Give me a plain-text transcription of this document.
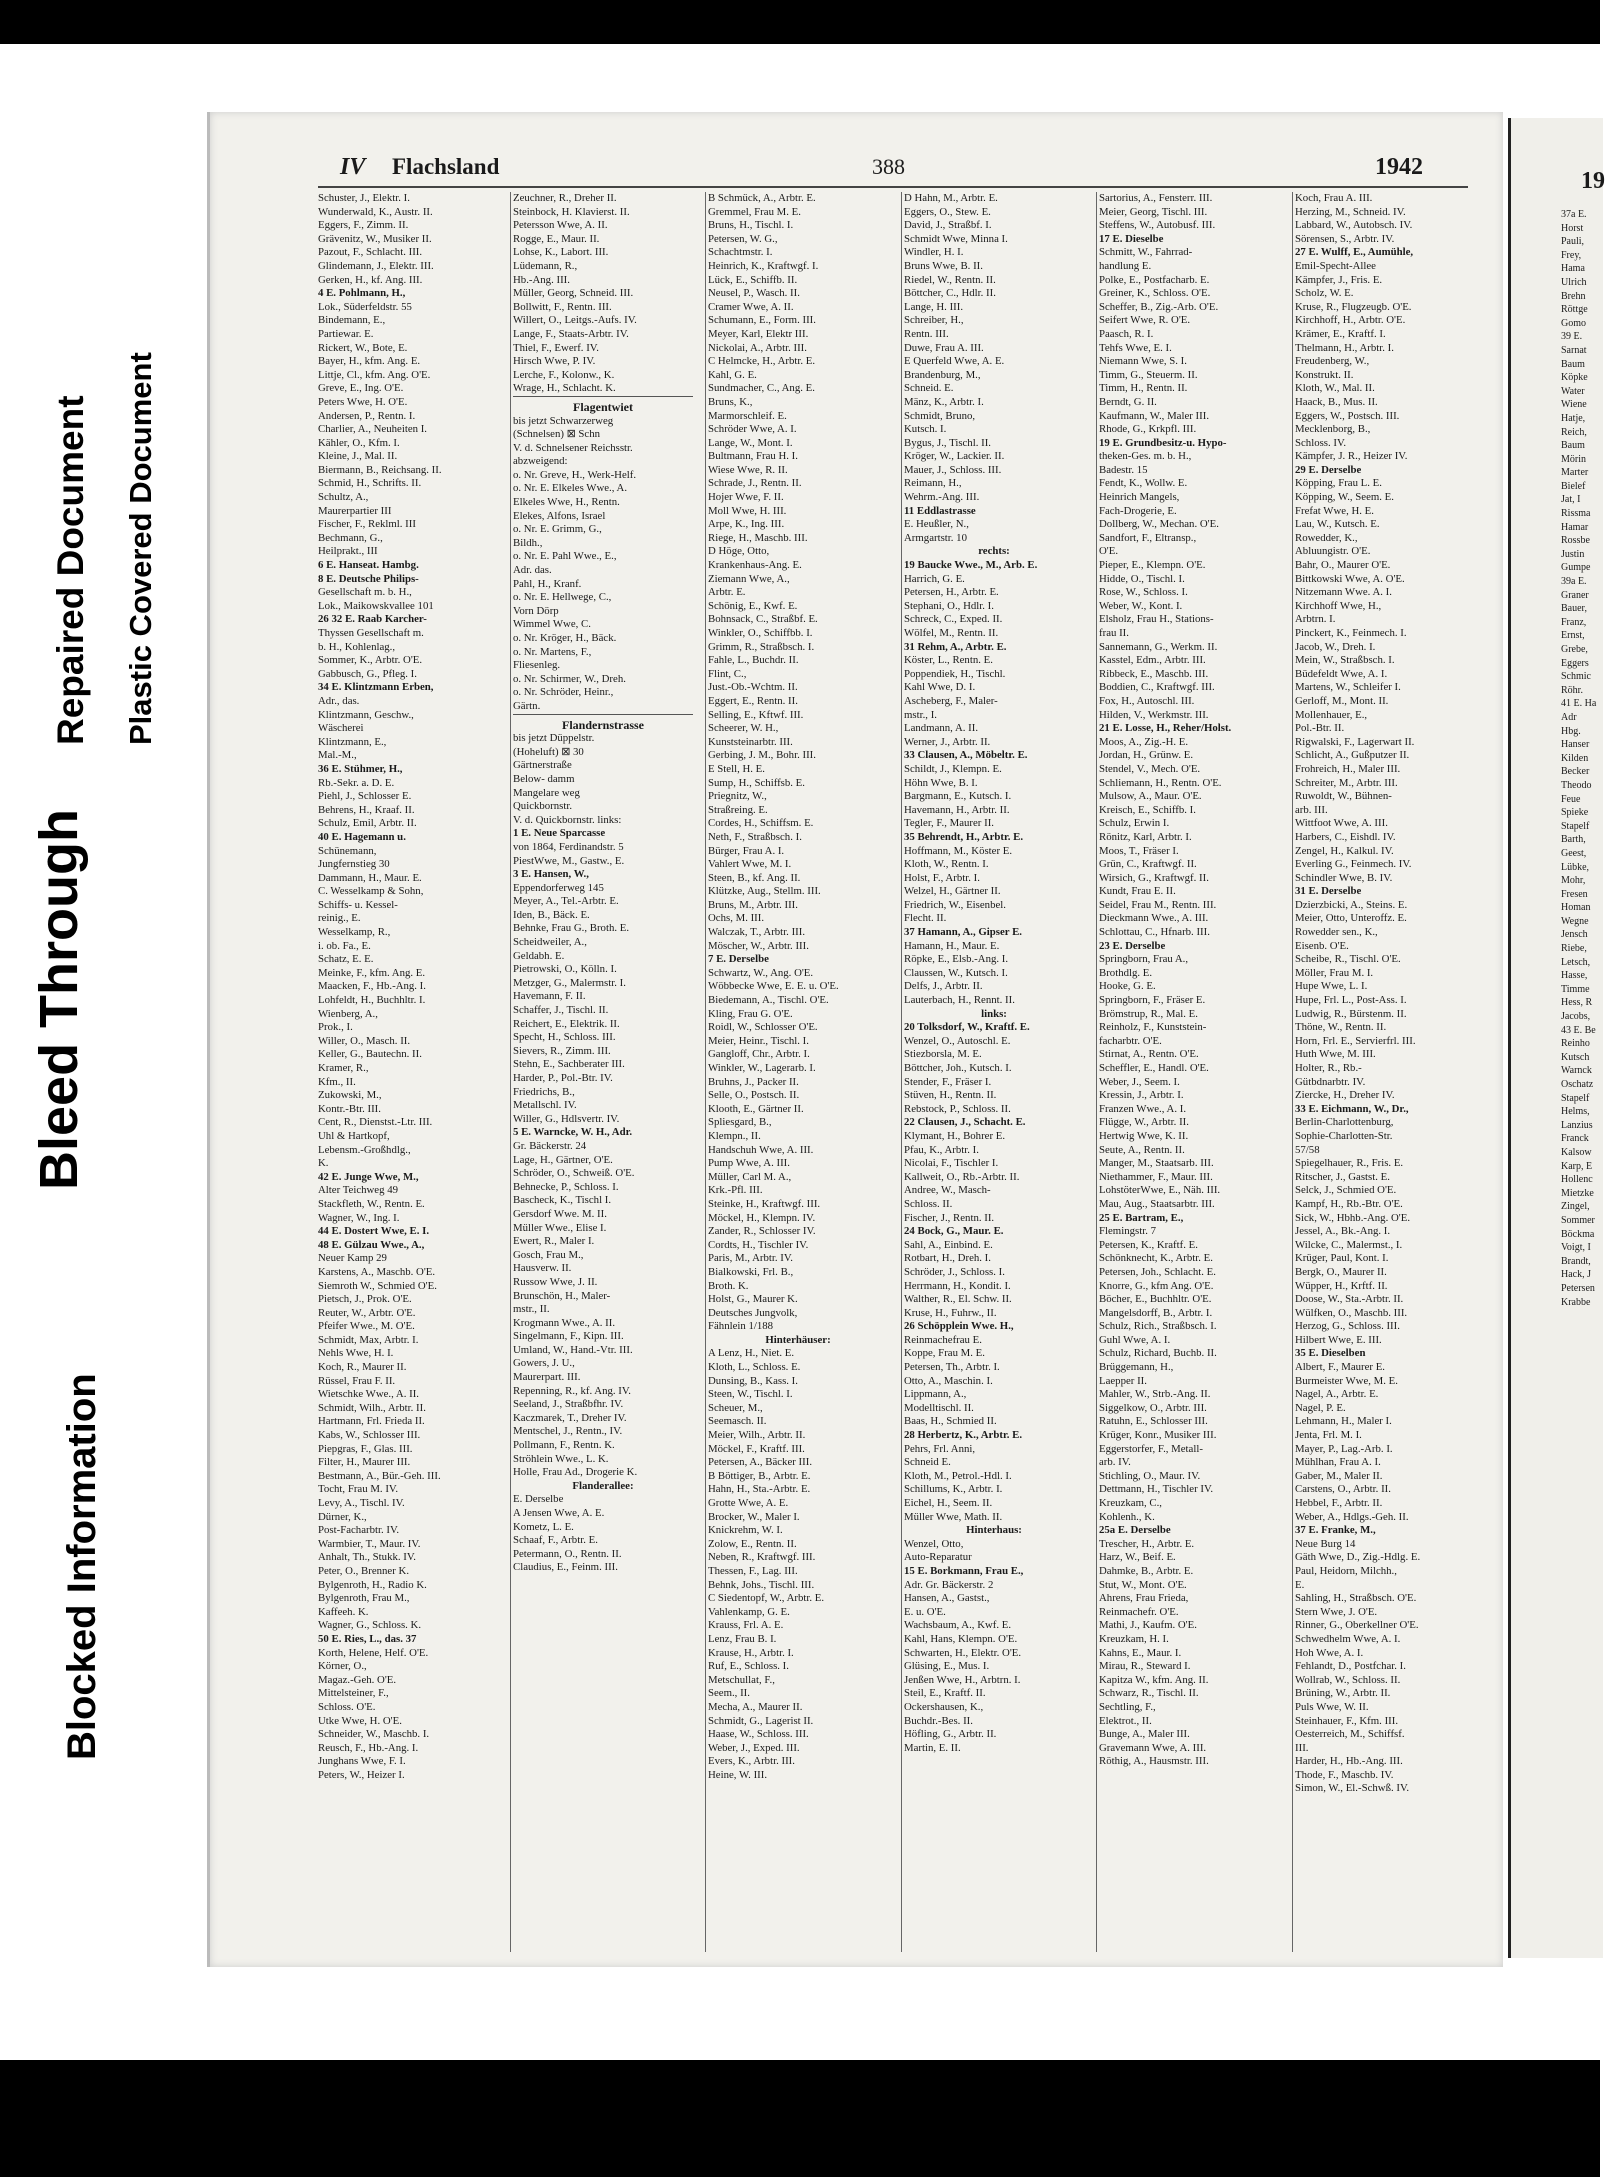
Bleed Through
Repaired Document Plastic Covered Document
Blocked Information
IV Flachsland	388	1942
Schuster, J., Elektr. I.
Wunderwald, K., Austr. II.
Eggers, F., Zimm. II.
Grävenitz, W., Musiker II.
Pazout, F., Schlacht. III.
Glindemann, J., Elektr. III.
Gerken, H., kf. Ang. III.
4 E. Pohlmann, H.,
Lok., Süderfeldstr. 55
Bindemann, E.,
Partiewar. E.
Rickert, W., Bote, E.
Bayer, H., kfm. Ang. E.
Littje, Cl., kfm. Ang. O'E.
Greve, E., Ing. O'E.
Peters Wwe, H. O'E.
Andersen, P., Rentn. I.
Charlier, A., Neuheiten I.
Kähler, O., Kfm. I.
Kleine, J., Mal. II.
Biermann, B., Reichsang. II.
Schmid, H., Schrifts. II.
Schultz, A.,
Maurerpartier III
Fischer, F., Reklml. III
Bechmann, G.,
Heilprakt., III
6 E. Hanseat. Hambg.
8 E. Deutsche Philips-
Gesellschaft m. b. H.,
Lok., Maikowskvallee 101
26 32 E. Raab Karcher-
Thyssen Gesellschaft m.
b. H., Kohlenlag.,
Sommer, K., Arbtr. O'E.
Gabbusch, G., Pfleg. I.
34 E. Klintzmann Erben,
Adr., das.
Klintzmann, Geschw.,
Wäscherei
Klintzmann, E.,
Mal.-M.,
36 E. Stühmer, H.,
Rb.-Sekr. a. D. E.
Piehl, J., Schlosser E.
Behrens, H., Kraaf. II.
Schulz, Emil, Arbtr. II.
40 E. Hagemann u.
Schünemann,
Jungfernstieg 30
Dammann, H., Maur. E.
C. Wesselkamp & Sohn,
Schiffs- u. Kessel-
reinig., E.
Wesselkamp, R.,
i. ob. Fa., E.
Schatz, E. E.
Meinke, F., kfm. Ang. E.
Maacken, F., Hb.-Ang. I.
Lohfeldt, H., Buchhltr. I.
Wienberg, A.,
Prok., I.
Willer, O., Masch. II.
Keller, G., Bautechn. II.
Kramer, R.,
Kfm., II.
Zukowski, M.,
Kontr.-Btr. III.
Cent, R., Dienstst.-Ltr. III.
Uhl & Hartkopf,
Lebensm.-Großhdlg.,
K.
42 E. Junge Wwe, M.,
Alter Teichweg 49
Stackfleth, W., Rentn. E.
Wagner, W., Ing. I.
44 E. Dostert Wwe, E. I.
48 E. Gülzau Wwe., A.,
Neuer Kamp 29
Karstens, A., Maschb. O'E.
Siemroth W., Schmied O'E.
Pietsch, J., Prok. O'E.
Reuter, W., Arbtr. O'E.
Pfeifer Wwe., M. O'E.
Schmidt, Max, Arbtr. I.
Nehls Wwe, H. I.
Koch, R., Maurer II.
Rüssel, Frau F. II.
Wietschke Wwe., A. II.
Schmidt, Wilh., Arbtr. II.
Hartmann, Frl. Frieda II.
Kabs, W., Schlosser III.
Piepgras, F., Glas. III.
Filter, H., Maurer III.
Bestmann, A., Bür.-Geh. III.
Tocht, Frau M. IV.
Levy, A., Tischl. IV.
Dürner, K.,
Post-Facharbtr. IV.
Warmbier, T., Maur. IV.
Anhalt, Th., Stukk. IV.
Peter, O., Brenner K.
Bylgenroth, H., Radio K.
Bylgenroth, Frau M.,
Kaffeeh. K.
Wagner, G., Schloss. K.
50 E. Ries, L., das. 37
Korth, Helene, Helf. O'E.
Körner, O.,
Magaz.-Geh. O'E.
Mittelsteiner, F.,
Schloss. O'E.
Utke Wwe, H. O'E.
Schneider, W., Maschb. I.
Reusch, F., Hb.-Ang. I.
Junghans Wwe, F. I.
Peters, W., Heizer I.
Zeuchner, R., Dreher II.
Steinbock, H. Klavierst. II.
Petersson Wwe, A. II.
Rogge, E., Maur. II.
Lohse, K., Labort. III.
Lüdemann, R.,
Hb.-Ang. III.
Müller, Georg, Schneid. III.
Bollwitt, F., Rentn. III.
Willert, O., Leitgs.-Aufs. IV.
Lange, F., Staats-Arbtr. IV.
Thiel, F., Ewerf. IV.
Hirsch Wwe, P. IV.
Lerche, F., Kolonw., K.
Wrage, H., Schlacht. K.
Flagentwiet
bis jetzt Schwarzerweg
(Schnelsen) ⊠ Schn
V. d. Schnelsener Reichsstr.
abzweigend:
o. Nr. Greve, H., Werk-Helf.
o. Nr. E. Elkeles Wwe., A.
Elkeles Wwe, H., Rentn.
Elekes, Alfons, Israel
o. Nr. E. Grimm, G.,
Bildh.,
o. Nr. E. Pahl Wwe., E.,
Adr. das.
Pahl, H., Kranf.
o. Nr. E. Hellwege, C.,
Vorn Dörp
Wimmel Wwe, C.
o. Nr. Kröger, H., Bäck.
o. Nr. Martens, F.,
Fliesenleg.
o. Nr. Schirmer, W., Dreh.
o. Nr. Schröder, Heinr.,
Gärtn.
Flandernstrasse
bis jetzt Düppelstr.
(Hoheluft) ⊠ 30
Gärtnerstraße
Below- damm
Mangelare weg
Quickbornstr.
V. d. Quickbornstr. links:
1 E. Neue Sparcasse
von 1864, Ferdinandstr. 5
PiestWwe, M., Gastw., E.
3 E. Hansen, W.,
Eppendorferweg 145
Meyer, A., Tel.-Arbtr. E.
Iden, B., Bäck. E.
Behnke, Frau G., Broth. E.
Scheidweiler, A.,
Geldabh. E.
Pietrowski, O., Kölln. I.
Metzger, G., Malermstr. I.
Havemann, F. II.
Schaffer, J., Tischl. II.
Reichert, E., Elektrik. II.
Specht, H., Schloss. III.
Sievers, R., Zimm. III.
Stehn, E., Sachberater III.
Harder, P., Pol.-Btr. IV.
Friedrichs, B.,
Metallschl. IV.
Willer, G., Hdlsvertr. IV.
5 E. Warncke, W. H., Adr.
Gr. Bäckerstr. 24
Lage, H., Gärtner, O'E.
Schröder, O., Schweiß. O'E.
Behnecke, P., Schloss. I.
Bascheck, K., Tischl I.
Gersdorf Wwe. M. II.
Müller Wwe., Elise I.
Ewert, R., Maler I.
Gosch, Frau M.,
Hausverw. II.
Russow Wwe, J. II.
Brunschön, H., Maler-
mstr., II.
Krogmann Wwe., A. II.
Singelmann, F., Kipn. III.
Umland, W., Hand.-Vtr. III.
Gowers, J. U.,
Maurerpart. III.
Repenning, R., kf. Ang. IV.
Seeland, J., Straßbfhr. IV.
Kaczmarek, T., Dreher IV.
Mentschel, J., Rentn., IV.
Pollmann, F., Rentn. K.
Ströhlein Wwe., L. K.
Holle, Frau Ad., Drogerie K.
Flanderallee:
E. Derselbe
A Jensen Wwe, A. E.
Kometz, L. E.
Schaaf, F., Arbtr. E.
Petermann, O., Rentn. II.
Claudius, E., Feinm. III.
B Schmück, A., Arbtr. E.
Gremmel, Frau M. E.
Bruns, H., Tischl. I.
Petersen, W. G.,
Schachtmstr. I.
Heinrich, K., Kraftwgf. I.
Lück, E., Schiffb. II.
Neusel, P., Wasch. II.
Cramer Wwe, A. II.
Schumann, E., Form. III.
Meyer, Karl, Elektr III.
Nickolai, A., Arbtr. III.
C Helmcke, H., Arbtr. E.
Kahl, G. E.
Sundmacher, C., Ang. E.
Bruns, K.,
Marmorschleif. E.
Schröder Wwe, A. I.
Lange, W., Mont. I.
Bultmann, Frau H. I.
Wiese Wwe, R. II.
Schrade, J., Rentn. II.
Hojer Wwe, F. II.
Moll Wwe, H. III.
Arpe, K., Ing. III.
Riege, H., Maschb. III.
D Höge, Otto,
Krankenhaus-Ang. E.
Ziemann Wwe, A.,
Arbtr. E.
Schönig, E., Kwf. E.
Bohnsack, C., Straßbf. E.
Winkler, O., Schiffbb. I.
Grimm, R., Straßbsch. I.
Fahle, L., Buchdr. II.
Flint, C.,
Just.-Ob.-Wchtm. II.
Eggert, E., Rentn. II.
Selling, E., Kftwf. III.
Scheerer, W. H.,
Kunststeinarbtr. III.
Gerbing, J. M., Bohr. III.
E Stell, H. E.
Sump, H., Schiffsb. E.
Priegnitz, W.,
Straßreing. E.
Cordes, H., Schiffsm. E.
Neth, F., Straßbsch. I.
Bürger, Frau A. I.
Vahlert Wwe, M. I.
Steen, B., kf. Ang. II.
Klützke, Aug., Stellm. III.
Bruns, M., Arbtr. III.
Ochs, M. III.
Walczak, T., Arbtr. III.
Möscher, W., Arbtr. III.
7 E. Derselbe
Schwartz, W., Ang. O'E.
Wöbbecke Wwe, E. E. u. O'E.
Biedemann, A., Tischl. O'E.
Kling, Frau G. O'E.
Roidl, W., Schlosser O'E.
Meier, Heinr., Tischl. I.
Gangloff, Chr., Arbtr. I.
Winkler, W., Lagerarb. I.
Bruhns, J., Packer II.
Selle, O., Postsch. II.
Klooth, E., Gärtner II.
Spliesgard, B.,
Klempn., II.
Handschuh Wwe, A. III.
Pump Wwe, A. III.
Müller, Carl M. A.,
Krk.-Pfl. III.
Steinke, H., Kraftwgf. III.
Möckel, H., Klempn. IV.
Zander, R., Schlosser IV.
Cordts, H., Tischler IV.
Paris, M., Arbtr. IV.
Bialkowski, Frl. B.,
Broth. K.
Holst, G., Maurer K.
Deutsches Jungvolk,
Fähnlein 1/188
Hinterhäuser:
A Lenz, H., Niet. E.
Kloth, L., Schloss. E.
Dunsing, B., Kass. I.
Steen, W., Tischl. I.
Scheuer, M.,
Seemasch. II.
Meier, Wilh., Arbtr. II.
Möckel, F., Kraftf. III.
Petersen, A., Bäcker III.
B Böttiger, B., Arbtr. E.
Hahn, H., Sta.-Arbtr. E.
Grotte Wwe, A. E.
Brocker, W., Maler I.
Knickrehm, W. I.
Zolow, E., Rentn. II.
Neben, R., Kraftwgf. III.
Thessen, F., Lag. III.
Behnk, Johs., Tischl. III.
C Siedentopf, W., Arbtr. E.
Vahlenkamp, G. E.
Krauss, Frl. A. E.
Lenz, Frau B. I.
Krause, H., Arbtr. I.
Ruf, E., Schloss. I.
Metschullat, F.,
Seem., II.
Mecha, A., Maurer II.
Schmidt, G., Lagerist II.
Haase, W., Schloss. III.
Weber, J., Exped. III.
Evers, K., Arbtr. III.
Heine, W. III.
D Hahn, M., Arbtr. E.
Eggers, O., Stew. E.
David, J., Straßbf. I.
Schmidt Wwe, Minna I.
Windler, H. I.
Bruns Wwe, B. II.
Riedel, W., Rentn. II.
Böttcher, C., Hdlr. II.
Lange, H. III.
Schreiber, H.,
Rentn. III.
Duwe, Frau A. III.
E Querfeld Wwe, A. E.
Brandenburg, M.,
Schneid. E.
Mänz, K., Arbtr. I.
Schmidt, Bruno,
Kutsch. I.
Bygus, J., Tischl. II.
Kröger, W., Lackier. II.
Mauer, J., Schloss. III.
Reimann, H.,
Wehrm.-Ang. III.
11 Eddlastrasse
E. Heußler, N.,
Armgartstr. 10
rechts:
19 Baucke Wwe., M., Arb. E.
Harrich, G. E.
Petersen, H., Arbtr. E.
Stephani, O., Hdlr. I.
Schreck, C., Exped. II.
Wölfel, M., Rentn. II.
31 Rehm, A., Arbtr. E.
Köster, L., Rentn. E.
Poppendiek, H., Tischl.
Kahl Wwe, D. I.
Ascheberg, F., Maler-
mstr., I.
Landmann, A. II.
Werner, J., Arbtr. II.
33 Clausen, A., Möbeltr. E.
Schildt, J., Klempn. E.
Höhn Wwe, B. I.
Bargmann, E., Kutsch. I.
Havemann, H., Arbtr. II.
Tegler, F., Maurer II.
35 Behrendt, H., Arbtr. E.
Hoffmann, M., Köster E.
Kloth, W., Rentn. I.
Holst, F., Arbtr. I.
Welzel, H., Gärtner II.
Friedrich, W., Eisenbel.
Flecht. II.
37 Hamann, A., Gipser E.
Hamann, H., Maur. E.
Röpke, E., Elsb.-Ang. I.
Claussen, W., Kutsch. I.
Delfs, J., Arbtr. II.
Lauterbach, H., Rennt. II.
links:
20 Tolksdorf, W., Kraftf. E.
Wenzel, O., Autoschl. E.
Stiezborsla, M. E.
Böttcher, Joh., Kutsch. I.
Stender, F., Fräser I.
Stüven, H., Rentn. II.
Rebstock, P., Schloss. II.
22 Clausen, J., Schacht. E.
Klymant, H., Bohrer E.
Pfau, K., Arbtr. I.
Nicolai, F., Tischler I.
Kallweit, O., Rb.-Arbtr. II.
Andree, W., Masch-
Schloss. II.
Fischer, J., Rentn. II.
24 Bock, G., Maur. E.
Sahl, A., Einbind. E.
Rotbart, H., Dreh. I.
Schröder, J., Schloss. I.
Herrmann, H., Kondit. I.
Walther, R., El. Schw. II.
Kruse, H., Fuhrw., II.
26 Schöpplein Wwe. H.,
Reinmachefrau E.
Koppe, Frau M. E.
Petersen, Th., Arbtr. I.
Otto, A., Maschin. I.
Lippmann, A.,
Modelltischl. II.
Baas, H., Schmied II.
28 Herbertz, K., Arbtr. E.
Pehrs, Frl. Anni,
Schneid E.
Kloth, M., Petrol.-Hdl. I.
Schillums, K., Arbtr. I.
Eichel, H., Seem. II.
Müller Wwe, Math. II.
Hinterhaus:
Wenzel, Otto,
Auto-Reparatur
15 E. Borkmann, Frau E.,
Adr. Gr. Bäckerstr. 2
Hansen, A., Gastst.,
E. u. O'E.
Wachsbaum, A., Kwf. E.
Kahl, Hans, Klempn. O'E.
Schwarten, H., Elektr. O'E.
Glüsing, E., Mus. I.
Jenßen Wwe, H., Arbtrn. I.
Steil, E., Kraftf. II.
Ockershausen, K.,
Buchdr.-Bes. II.
Höfling, G., Arbtr. II.
Martin, E. II.
Sartorius, A., Fensterr. III.
Meier, Georg, Tischl. III.
Steffens, W., Autobusf. III.
17 E. Dieselbe
Schmitt, W., Fahrrad-
handlung E.
Polke, E., Postfacharb. E.
Greiner, K., Schloss. O'E.
Scheffer, B., Zig.-Arb. O'E.
Seifert Wwe, R. O'E.
Paasch, R. I.
Tehfs Wwe, E. I.
Niemann Wwe, S. I.
Timm, G., Steuerm. II.
Timm, H., Rentn. II.
Berndt, G. II.
Kaufmann, W., Maler III.
Rhode, G., Krkpfl. III.
19 E. Grundbesitz-u. Hypo-
theken-Ges. m. b. H.,
Badestr. 15
Fendt, K., Wollw. E.
Heinrich Mangels,
Fach-Drogerie, E.
Dollberg, W., Mechan. O'E.
Sandfort, F., Eltransp.,
O'E.
Pieper, E., Klempn. O'E.
Hidde, O., Tischl. I.
Rose, W., Schloss. I.
Weber, W., Kont. I.
Elsholz, Frau H., Stations-
frau II.
Sannemann, G., Werkm. II.
Kasstel, Edm., Arbtr. III.
Ribbeck, E., Maschb. III.
Boddien, C., Kraftwgf. III.
Fox, H., Autoschl. III.
Hilden, V., Werkmstr. III.
21 E. Losse, H., Reher/Holst.
Moos, A., Zig.-H. E.
Jordan, H., Grünw. E.
Stendel, V., Mech. O'E.
Schliemann, H., Rentn. O'E.
Mulsow, A., Maur. O'E.
Kreisch, E., Schiffb. I.
Schulz, Erwin I.
Rönitz, Karl, Arbtr. I.
Moos, T., Fräser I.
Grün, C., Kraftwgf. II.
Wirsich, G., Kraftwgf. II.
Kundt, Frau E. II.
Seidel, Frau M., Rentn. III.
Dieckmann Wwe., A. III.
Schlottau, C., Hfnarb. III.
23 E. Derselbe
Springborn, Frau A.,
Brothdlg. E.
Hooke, G. E.
Springborn, F., Fräser E.
Brömstrup, R., Mal. E.
Reinholz, F., Kunststein-
facharbtr. O'E.
Stirnat, A., Rentn. O'E.
Scheffler, E., Handl. O'E.
Weber, J., Seem. I.
Kressin, J., Arbtr. I.
Franzen Wwe., A. I.
Flügge, W., Arbtr. II.
Hertwig Wwe, K. II.
Seute, A., Rentn. II.
Manger, M., Staatsarb. III.
Niethammer, F., Maur. III.
LohstöterWwe, E., Näh. III.
Mau, Aug., Staatsarbtr. III.
25 E. Bartram, E.,
Flemingstr. 7
Petersen, K., Kraftf. E.
Schönknecht, K., Arbtr. E.
Petersen, Joh., Schlacht. E.
Knorre, G., kfm Ang. O'E.
Böcher, E., Buchhltr. O'E.
Mangelsdorff, B., Arbtr. I.
Schulz, Rich., Straßbsch. I.
Guhl Wwe, A. I.
Schulz, Richard, Buchb. II.
Brüggemann, H.,
Laepper II.
Mahler, W., Strb.-Ang. II.
Siggelkow, O., Arbtr. III.
Ratuhn, E., Schlosser III.
Krüger, Konr., Musiker III.
Eggerstorfer, F., Metall-
arb. IV.
Stichling, O., Maur. IV.
Dettmann, H., Tischler IV.
Kreuzkam, C.,
Kohlenh., K.
25a E. Derselbe
Trescher, H., Arbtr. E.
Harz, W., Beif. E.
Dahmke, B., Arbtr. E.
Stut, W., Mont. O'E.
Ahrens, Frau Frieda,
Reinmachefr. O'E.
Mathi, J., Kaufm. O'E.
Kreuzkam, H. I.
Kahns, E., Maur. I.
Mirau, R., Steward I.
Kapitza W., kfm. Ang. II.
Schwarz, R., Tischl. II.
Sechtling, F.,
Elektrot., II.
Bunge, A., Maler III.
Gravemann Wwe, A. III.
Röthig, A., Hausmstr. III.
Koch, Frau A. III.
Herzing, M., Schneid. IV.
Labbard, W., Autobsch. IV.
Sörensen, S., Arbtr. IV.
27 E. Wulff, E., Aumühle,
Emil-Specht-Allee
Kämpfer, J., Fris. E.
Scholz, W. E.
Kruse, R., Flugzeugb. O'E.
Kirchhoff, H., Arbtr. O'E.
Krämer, E., Kraftf. I.
Thelmann, H., Arbtr. I.
Freudenberg, W.,
Konstrukt. II.
Kloth, W., Mal. II.
Haack, B., Mus. II.
Eggers, W., Postsch. III.
Mecklenborg, B.,
Schloss. IV.
Kämpfer, J. R., Heizer IV.
29 E. Derselbe
Köpping, Frau L. E.
Köpping, W., Seem. E.
Frefat Wwe, H. E.
Lau, W., Kutsch. E.
Rowedder, K.,
Abluungistr. O'E.
Bahr, O., Maurer O'E.
Bittkowski Wwe, A. O'E.
Nitzemann Wwe. A. I.
Kirchhoff Wwe, H.,
Arbtrn. I.
Pinckert, K., Feinmech. I.
Jacob, W., Dreh. I.
Mein, W., Straßbsch. I.
Büdefeldt Wwe, A. I.
Martens, W., Schleifer I.
Gerloff, M., Mont. II.
Mollenhauer, E.,
Pol.-Btr. II.
Rigwalski, F., Lagerwart II.
Schlicht, A., Gußputzer II.
Frohreich, H., Maler III.
Schreiter, M., Arbtr. III.
Ruwoldt, W., Bühnen-
arb. III.
Wittfoot Wwe, A. III.
Harbers, C., Eishdl. IV.
Zengel, H., Kalkul. IV.
Everling G., Feinmech. IV.
Schindler Wwe, B. IV.
31 E. Derselbe
Dzierzbicki, A., Steins. E.
Meier, Otto, Unteroffz. E.
Rowedder sen., K.,
Eisenb. O'E.
Scheibe, R., Tischl. O'E.
Möller, Frau M. I.
Hupe Wwe, L. I.
Hupe, Frl. L., Post-Ass. I.
Ludwig, R., Bürstenm. II.
Thöne, W., Rentn. II.
Horn, Frl. E., Servierfrl. III.
Huth Wwe, M. III.
Holter, R., Rb.-
Gütbdnarbtr. IV.
Ziercke, H., Dreher IV.
33 E. Eichmann, W., Dr.,
Berlin-Charlottenburg,
Sophie-Charlotten-Str.
57/58
Spiegelhauer, R., Fris. E.
Ritscher, J., Gastst. E.
Selck, J., Schmied O'E.
Kampf, H., Rb.-Btr. O'E.
Sick, W., Hbhb.-Ang. O'E.
Jessel, A., Bk.-Ang. I.
Wilcke, C., Malermst., I.
Krüger, Paul, Kont. I.
Bergk, O., Maurer II.
Wüpper, H., Krftf. II.
Doose, W., Sta.-Arbtr. II.
Wülfken, O., Maschb. III.
Herzog, G., Schloss. III.
Hilbert Wwe, E. III.
35 E. Dieselben
Albert, F., Maurer E.
Burmeister Wwe, M. E.
Nagel, A., Arbtr. E.
Nagel, P. E.
Lehmann, H., Maler I.
Jenta, Frl. M. I.
Mayer, P., Lag.-Arb. I.
Mühlhan, Frau A. I.
Gaber, M., Maler II.
Carstens, O., Arbtr. II.
Hebbel, F., Arbtr. II.
Weber, A., Hdlgs.-Geh. II.
37 E. Franke, M.,
Neue Burg 14
Gäth Wwe, D., Zig.-Hdlg. E.
Paul, Heidorn, Milchh.,
E.
Sahling, H., Straßbsch. O'E.
Stern Wwe, J. O'E.
Rinner, G., Oberkellner O'E.
Schwedhelm Wwe, A. I.
Hoh Wwe, A. I.
Fehlandt, D., Postfchar. I.
Wollrab, W., Schloss. II.
Brüning, W., Arbtr. II.
Puls Wwe, W. II.
Steinhauer, F., Kfm. III.
Oesterreich, M., Schiffsf.
III.
Harder, H., Hb.-Ang. III.
Thode, F., Maschb. IV.
Simon, W., El.-Schwß. IV.
19
37a E.
Horst
Pauli,
Frey,
Hama
Ulrich
Brehn
Röttge
Gomo
39 E.
Sarnat
Baum
Köpke
Water
Wiene
Hatje,
Reich,
Baum
Mörin
Marter
Bielef
Jat, I
Rissma
Hamar
Rossbe
Justin
Gumpe
39a E.
Graner
Bauer,
Franz,
Ernst,
Grebe,
Eggers
Schmic
Röhr.
41 E. Ha
Adr
Hbg.
Hanser
Kilden
Becker
Theodo
Feue
Spieke
Stapelf
Barth,
Geest,
Lübke,
Mohr,
Fresen
Homan
Wegne
Jensch
Riebe,
Letsch,
Hasse,
Timme
Hess, R
Jacobs,
43 E. Be
Reinho
Kutsch
Warnck
Oschatz
Stapelf
Helms,
Lanzius
Franck
Kalsow
Karp, E
Hollenc
Mietzke
Zingel,
Sommer
Böckma
Voigt, I
Brandt,
Hack, J
Petersen
Krabbe
